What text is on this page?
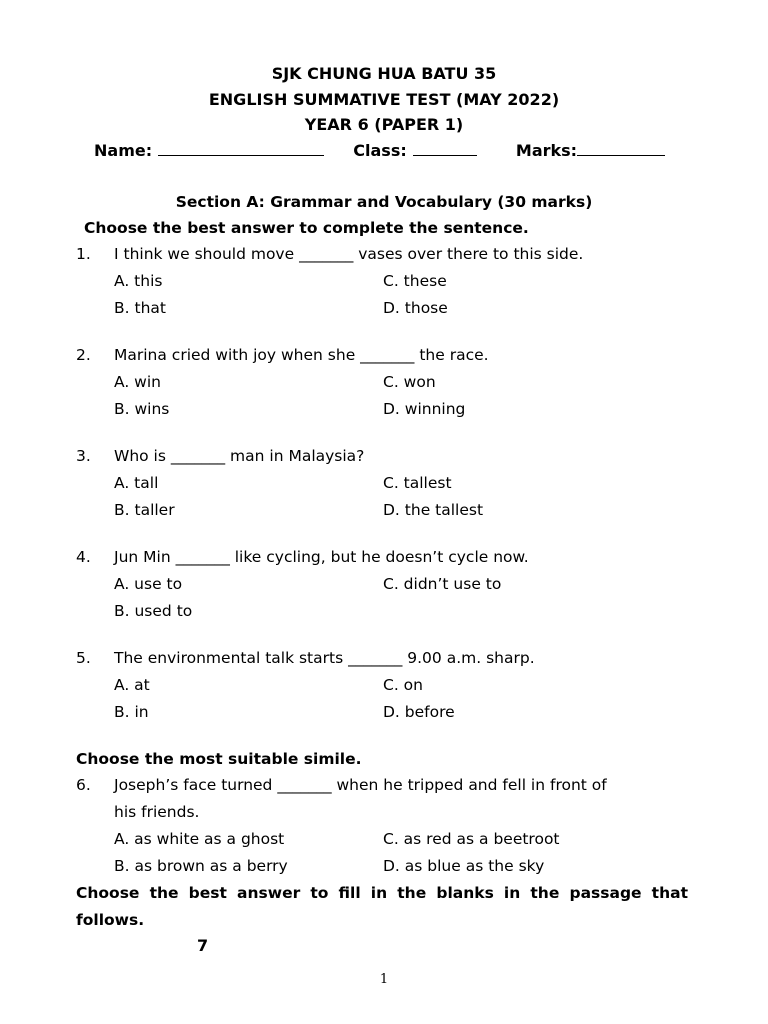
SJK CHUNG HUA BATU 35
ENGLISH SUMMATIVE TEST (MAY 2022)
YEAR 6 (PAPER 1)
Name:	Class:	Marks:
Section A: Grammar and Vocabulary (30 marks)
Choose the best answer to complete the sentence.
1. I think we should move _______ vases over there to this side.
A. this	C. these
B. that	D. those
2. Marina cried with joy when she _______ the race.
A. win	C. won
B. wins	D. winning
3. Who is _______ man in Malaysia?
A. tall	C. tallest
B. taller	D. the tallest
4. Jun Min _______ like cycling, but he doesn’t cycle now.
A. use to	C. didn’t use to
B. used to
5. The environmental talk starts _______ 9.00 a.m. sharp.
A. at	C. on
B. in	D. before
Choose the most suitable simile.
6. Joseph’s face turned _______ when he tripped and fell in front of
his friends.
A. as white as a ghost	C. as red as a beetroot
B. as brown as a berry	D. as blue as the sky
Choose the best answer to fill in the blanks in the passage that
follows.
7
1
